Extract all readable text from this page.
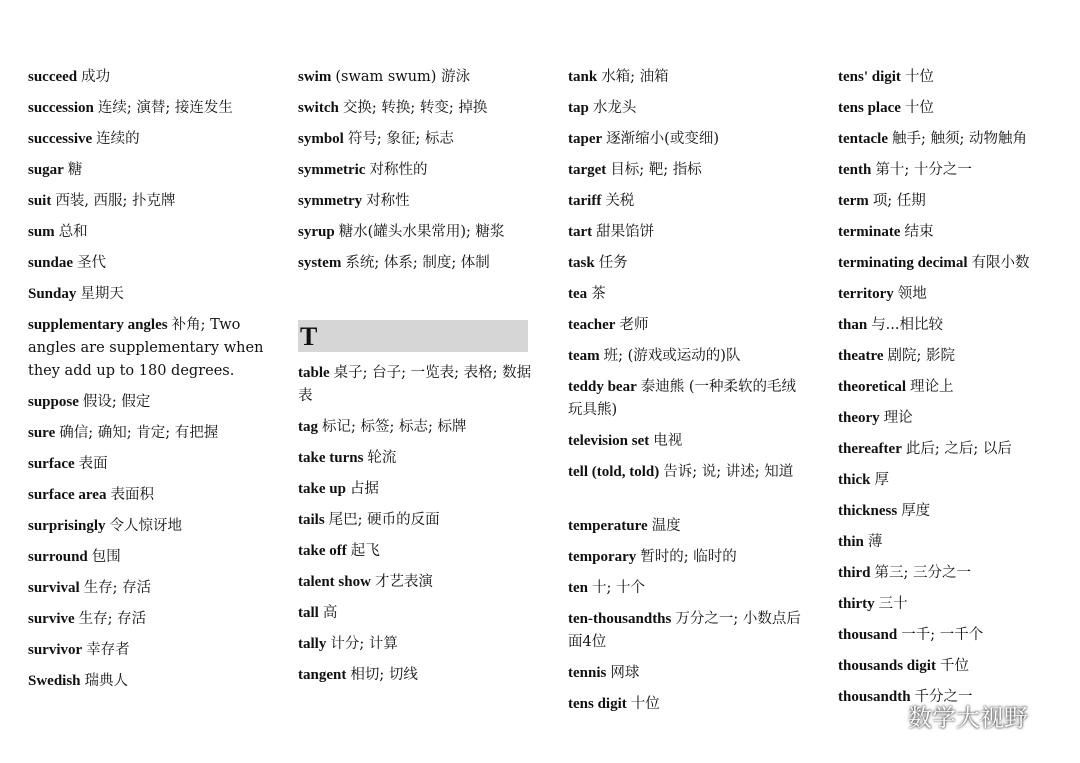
succeed 成功

succession 连续; 演替; 接连发生

successive 连续的

sugar 糖

suit 西装, 西服; 扑克牌

sum 总和

sundae 圣代

Sunday 星期天

supplementary angles 补角; Two angles are supplementary when they add up to 180 degrees.

suppose 假设; 假定

sure 确信; 确知; 肯定; 有把握

surface 表面

surface area 表面积

surprisingly 令人惊讶地

surround 包围

survival 生存; 存活

survive 生存; 存活

survivor 幸存者

Swedish 瑞典人

swim (swam swum) 游泳

switch 交换; 转换; 转变; 掉换

symbol 符号; 象征; 标志

symmetric 对称性的

symmetry 对称性

syrup 糖水(罐头水果常用); 糖浆

system 系统; 体系; 制度; 体制

T

table 桌子; 台子; 一览表; 表格; 数据表

tag 标记; 标签; 标志; 标牌

take turns 轮流

take up 占据

tails 尾巴; 硬币的反面

take off 起飞

talent show 才艺表演

tall 高

tally 计分; 计算

tangent 相切; 切线

tank 水箱; 油箱

tap 水龙头

taper 逐渐缩小(或变细)

target 目标; 靶; 指标

tariff 关税

tart 甜果馅饼

task 任务

tea 茶

teacher 老师

team 班; (游戏或运动的)队

teddy bear 泰迪熊 (一种柔软的毛绒玩具熊)

television set 电视

tell (told, told) 告诉; 说; 讲述; 知道

temperature 温度

temporary 暂时的; 临时的

ten 十; 十个

ten-thousandths 万分之一; 小数点后面4位

tennis 网球

tens digit 十位

tens' digit 十位

tens place 十位

tentacle 触手; 触须; 动物触角

tenth 第十; 十分之一

term 项; 任期

terminate 结束

terminating decimal 有限小数

territory 领地

than 与...相比较

theatre 剧院; 影院

theoretical 理论上

theory 理论

thereafter 此后; 之后; 以后

thick 厚

thickness 厚度

thin 薄

third 第三; 三分之一

thirty 三十

thousand 一千; 一千个

thousands digit 千位

thousandth 千分之一

数学大视野
